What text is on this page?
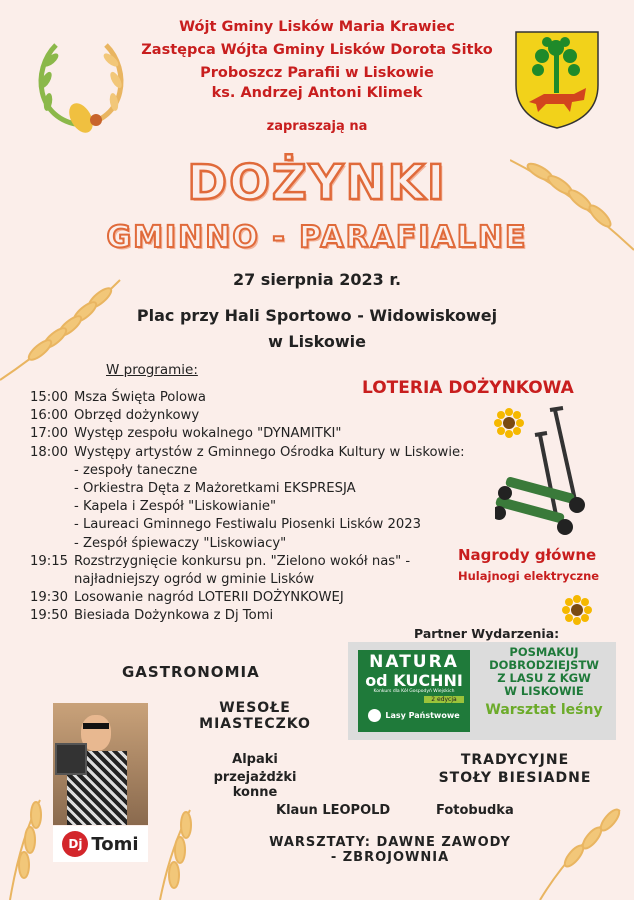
Wójt Gminy Lisków Maria Krawiec
Zastępca Wójta Gminy Lisków Dorota Sitko
Proboszcz Parafii w Liskowie
ks. Andrzej Antoni Klimek
zapraszają na
DOŻYNKI
GMINNO - PARAFIALNE
27 sierpnia 2023 r.
Plac przy Hali Sportowo - Widowiskowej
w Liskowie
W programie:
15:00 Msza Święta Polowa
16:00 Obrzęd dożynkowy
17:00 Występ zespołu wokalnego "DYNAMITKI"
18:00 Występy artystów z Gminnego Ośrodka Kultury w Liskowie:
- zespoły taneczne
- Orkiestra Dęta z Mażoretkami EKSPRESJA
- Kapela i Zespół "Liskowianie"
- Laureaci Gminnego Festiwalu Piosenki Lisków 2023
- Zespół śpiewaczy "Liskowiacy"
19:15 Rozstrzygnięcie konkursu pn. "Zielono wokół nas" -
najładniejszy ogród w gminie Lisków
19:30 Losowanie nagród LOTERII DOŻYNKOWEJ
19:50 Biesiada Dożynkowa z Dj Tomi
LOTERIA DOŻYNKOWA
Nagrody główne
Hulajnogi elektryczne
Partner Wydarzenia:
NATURA
od KUCHNI
Konkurs dla Kół Gospodyń Wiejskich
2 edycja
Lasy Państwowe
POSMAKUJ
DOBRODZIEJSTW
Z LASU Z KGW
W LISKOWIE
Warsztat leśny
GASTRONOMIA
WESOŁE
MIASTECZKO
Alpaki
przejażdżki konne
TRADYCYJNE
STOŁY BIESIADNE
Klaun LEOPOLD	Fotobudka
WARSZTATY: DAWNE ZAWODY
- ZBROJOWNIA
Dj Tomi
